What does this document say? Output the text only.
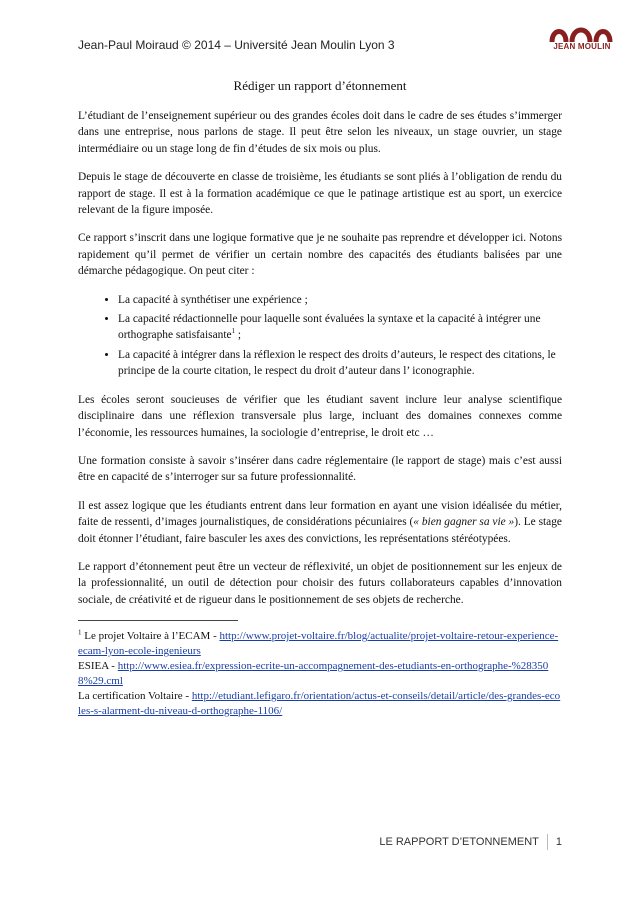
Jean-Paul Moiraud © 2014 – Université Jean Moulin Lyon 3	JEAN MOULIN
Rédiger un rapport d’étonnement

L’étudiant de l’enseignement supérieur ou des grandes écoles doit dans le cadre de ses études s’immerger dans une entreprise, nous parlons de stage. Il peut être selon les niveaux, un stage ouvrier, un stage intermédiaire ou un stage long de fin d’études de six mois ou plus.

Depuis le stage de découverte en classe de troisième, les étudiants se sont pliés à l’obligation de rendu du rapport de stage. Il est à la formation académique ce que le patinage artistique est au sport, un exercice relevant de la figure imposée.

Ce rapport s’inscrit dans une logique formative que je ne souhaite pas reprendre et développer ici. Notons rapidement qu’il permet de vérifier un certain nombre des capacités des étudiants balisées par une démarche pédagogique. On peut citer :

• La capacité à synthétiser une expérience ;
• La capacité rédactionnelle pour laquelle sont évaluées la syntaxe et la capacité à intégrer une orthographe satisfaisante$^1$ ;
• La capacité à intégrer dans la réflexion le respect des droits d’auteurs, le respect des citations, le principe de la courte citation, le respect du droit d’auteur dans l’ iconographie.

Les écoles seront soucieuses de vérifier que les étudiant savent inclure leur analyse scientifique disciplinaire dans une réflexion transversale plus large, incluant des domaines connexes comme l’économie, les ressources humaines, la sociologie d’entreprise, le droit etc …

Une formation consiste à savoir s’insérer dans cadre réglementaire (le rapport de stage) mais c’est aussi être en capacité de s’interroger sur sa future professionnalité.

Il est assez logique que les étudiants entrent dans leur formation en ayant une vision idéalisée du métier, faite de ressenti, d’images journalistiques, de considérations pécuniaires (« bien gagner sa vie »). Le stage doit étonner l’étudiant, faire basculer les axes des convictions, les représentations stéréotypées.

Le rapport d’étonnement peut être un vecteur de réflexivité, un objet de positionnement sur les enjeux de la professionnalité, un outil de détection pour choisir des futurs collaborateurs capables d’innovation sociale, de créativité et de rigueur dans le positionnement de ses objets de recherche.

$^1$ Le projet Voltaire à l’ECAM - http://www.projet-voltaire.fr/blog/actualite/projet-voltaire-retour-experience-ecam-lyon-ecole-ingenieurs
ESIEA - http://www.esiea.fr/expression-ecrite-un-accompagnement-des-etudiants-en-orthographe-%283508%29.cml
La certification Voltaire - http://etudiant.lefigaro.fr/orientation/actus-et-conseils/detail/article/des-grandes-ecoles-s-alarment-du-niveau-d-orthographe-1106/
LE RAPPORT D’ETONNEMENT 1
